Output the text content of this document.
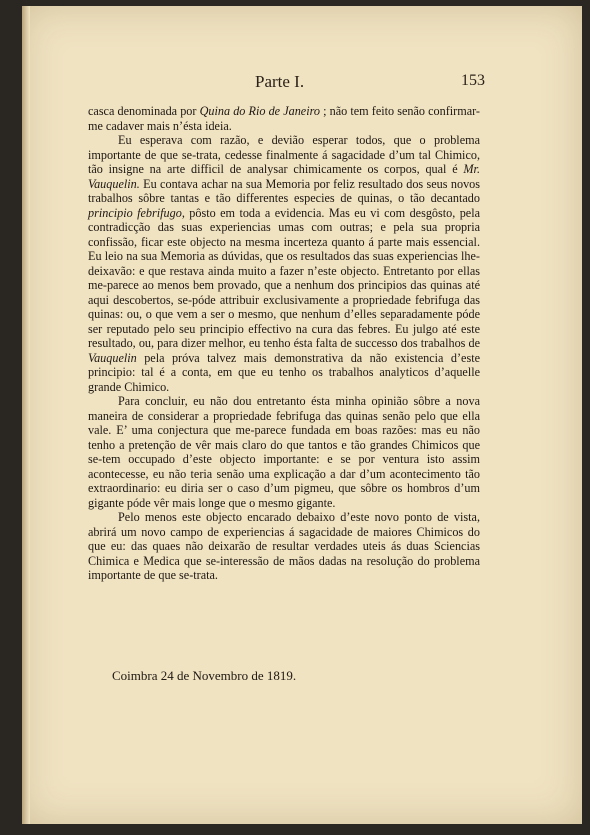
Parte I.	153

casca denominada por Quina do Rio de Janeiro ; não tem feito senão confirmar-me cadaver mais n’ésta ideia.

Eu esperava com razão, e devião esperar todos, que o problema importante de que se-trata, cedesse finalmente á sagacidade d’um tal Chimico, tão insigne na arte difficil de analysar chimicamente os corpos, qual é Mr. Vauquelin. Eu contava achar na sua Memoria por feliz resultado dos seus novos trabalhos sôbre tantas e tão differentes especies de quinas, o tão decantado principio febrifugo, pôsto em toda a evidencia. Mas eu vi com desgôsto, pela contradicção das suas experiencias umas com outras; e pela sua propria confissão, ficar este objecto na mesma incerteza quanto á parte mais essencial. Eu leio na sua Memoria as dúvidas, que os resultados das suas experiencias lhe-deixavão: e que restava ainda muito a fazer n’este objecto. Entretanto por ellas me-parece ao menos bem provado, que a nenhum dos principios das quinas até aqui descobertos, se-póde attribuir exclusivamente a propriedade febrifuga das quinas: ou, o que vem a ser o mesmo, que nenhum d’elles separadamente póde ser reputado pelo seu principio effectivo na cura das febres. Eu julgo até este resultado, ou, para dizer melhor, eu tenho ésta falta de successo dos trabalhos de Vauquelin pela próva talvez mais demonstrativa da não existencia d’este principio: tal é a conta, em que eu tenho os trabalhos analyticos d’aquelle grande Chimico.

Para concluir, eu não dou entretanto ésta minha opinião sôbre a nova maneira de considerar a propriedade febrifuga das quinas senão pelo que ella vale. E’ uma conjectura que me-parece fundada em boas razões: mas eu não tenho a pretenção de vêr mais claro do que tantos e tão grandes Chimicos que se-tem occupado d’este objecto importante: e se por ventura isto assim acontecesse, eu não teria senão uma explicação a dar d’um acontecimento tão extraordinario: eu diria ser o caso d’um pigmeu, que sôbre os hombros d’um gigante póde vêr mais longe que o mesmo gigante.

Pelo menos este objecto encarado debaixo d’este novo ponto de vista, abrirá um novo campo de experiencias á sagacidade de maiores Chimicos do que eu: das quaes não deixarão de resultar verdades uteis ás duas Sciencias Chimica e Medica que se-interessão de mãos dadas na resolução do problema importante de que se-trata.

Coimbra 24 de Novembro de 1819.
